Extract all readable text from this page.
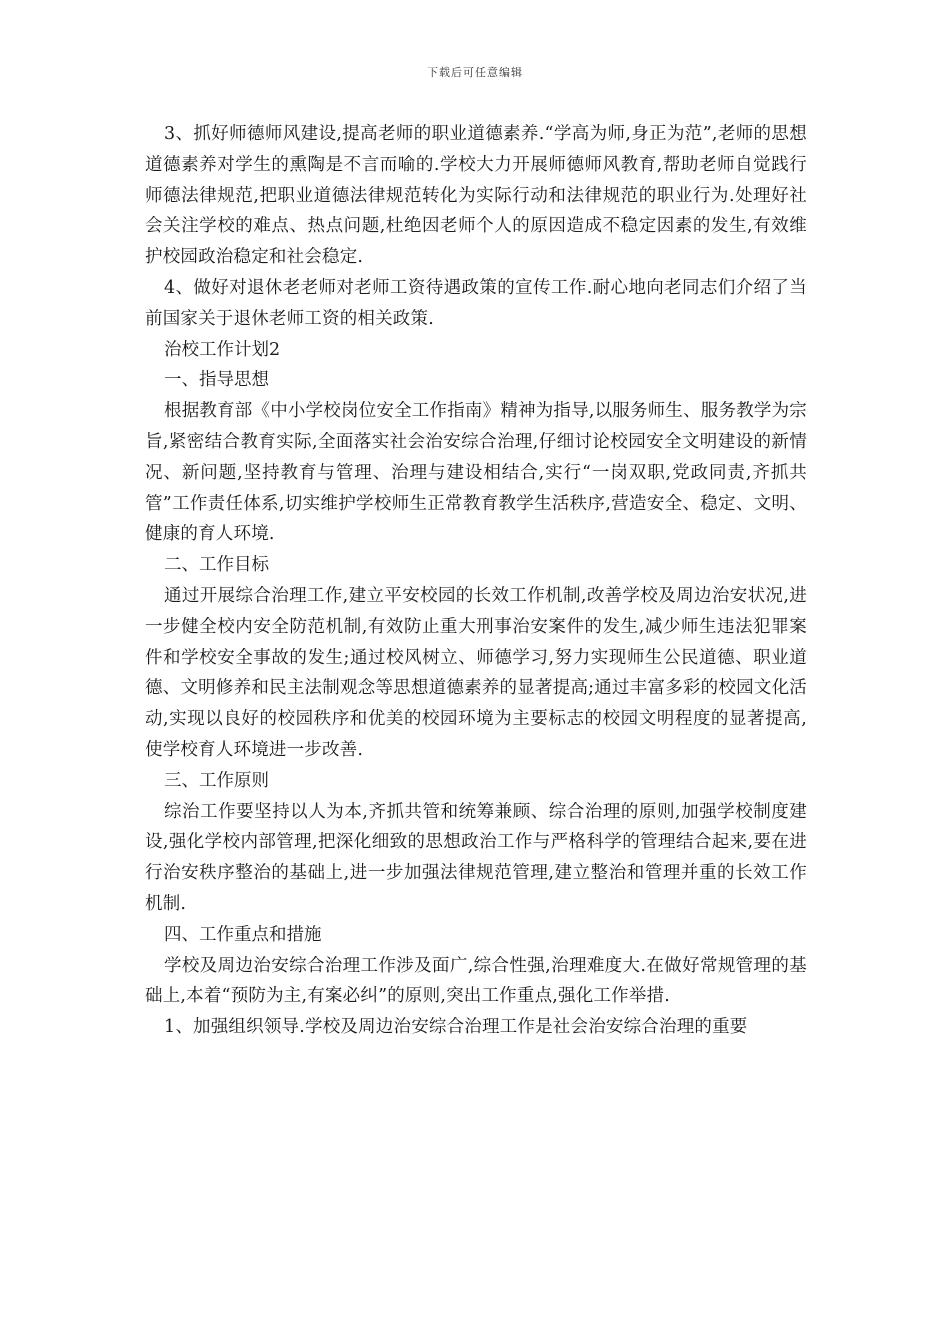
下载后可任意编辑

3、抓好师德师风建设,提高老师的职业道德素养.“学高为师,身正为范”,老师的思想道德素养对学生的熏陶是不言而喻的.学校大力开展师德师风教育,帮助老师自觉践行师德法律规范,把职业道德法律规范转化为实际行动和法律规范的职业行为.处理好社会关注学校的难点、热点问题,杜绝因老师个人的原因造成不稳定因素的发生,有效维护校园政治稳定和社会稳定.

4、做好对退休老老师对老师工资待遇政策的宣传工作.耐心地向老同志们介绍了当前国家关于退休老师工资的相关政策.

治校工作计划2

一、指导思想

根据教育部《中小学校岗位安全工作指南》精神为指导,以服务师生、服务教学为宗旨,紧密结合教育实际,全面落实社会治安综合治理,仔细讨论校园安全文明建设的新情况、新问题,坚持教育与管理、治理与建设相结合,实行“一岗双职,党政同责,齐抓共管”工作责任体系,切实维护学校师生正常教育教学生活秩序,营造安全、稳定、文明、健康的育人环境.

二、工作目标

通过开展综合治理工作,建立平安校园的长效工作机制,改善学校及周边治安状况,进一步健全校内安全防范机制,有效防止重大刑事治安案件的发生,减少师生违法犯罪案件和学校安全事故的发生;通过校风树立、师德学习,努力实现师生公民道德、职业道德、文明修养和民主法制观念等思想道德素养的显著提高;通过丰富多彩的校园文化活动,实现以良好的校园秩序和优美的校园环境为主要标志的校园文明程度的显著提高,使学校育人环境进一步改善.

三、工作原则

综治工作要坚持以人为本,齐抓共管和统筹兼顾、综合治理的原则,加强学校制度建设,强化学校内部管理,把深化细致的思想政治工作与严格科学的管理结合起来,要在进行治安秩序整治的基础上,进一步加强法律规范管理,建立整治和管理并重的长效工作机制.

四、工作重点和措施

学校及周边治安综合治理工作涉及面广,综合性强,治理难度大.在做好常规管理的基础上,本着“预防为主,有案必纠”的原则,突出工作重点,强化工作举措.

1、加强组织领导.学校及周边治安综合治理工作是社会治安综合治理的重要
